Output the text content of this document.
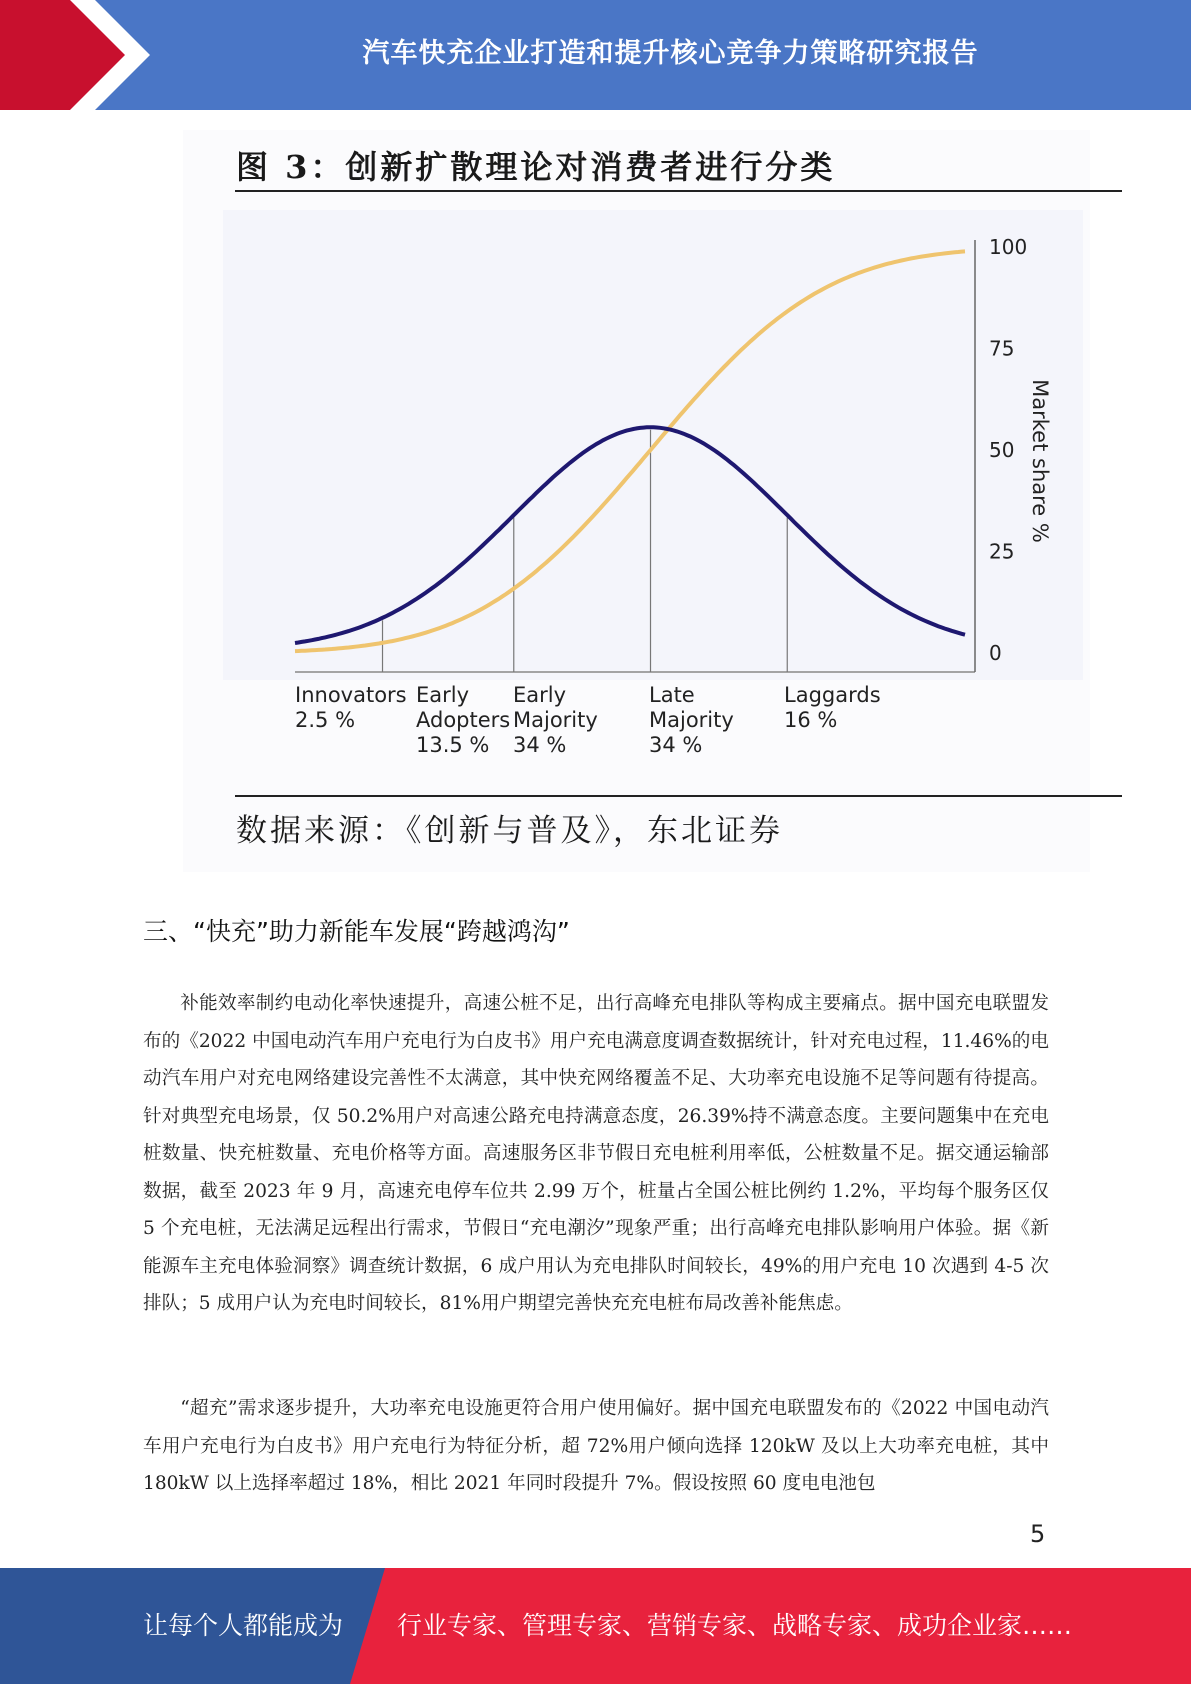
汽车快充企业打造和提升核心竞争力策略研究报告
图 3：创新扩散理论对消费者进行分类
0
25
50
75
100
Market share %
Innovators
2.5 %
Early
Adopters
13.5 %
Early
Majority
34 %
Late
Majority
34 %
Laggards
16 %
数据来源：《创新与普及》，东北证券
三、“快充”助力新能车发展“跨越鸿沟”

补能效率制约电动化率快速提升，高速公桩不足，出行高峰充电排队等构成主要痛点。据中国充电联盟发布的《2022 中国电动汽车用户充电行为白皮书》用户充电满意度调查数据统计，针对充电过程，11.46%的电动汽车用户对充电网络建设完善性不太满意，其中快充网络覆盖不足、大功率充电设施不足等问题有待提高。针对典型充电场景，仅 50.2%用户对高速公路充电持满意态度，26.39%持不满意态度。主要问题集中在充电桩数量、快充桩数量、充电价格等方面。高速服务区非节假日充电桩利用率低，公桩数量不足。据交通运输部数据，截至 2023 年 9 月，高速充电停车位共 2.99 万个，桩量占全国公桩比例约 1.2%，平均每个服务区仅 5 个充电桩，无法满足远程出行需求，节假日“充电潮汐”现象严重；出行高峰充电排队影响用户体验。据《新能源车主充电体验洞察》调查统计数据，6 成户用认为充电排队时间较长，49%的用户充电 10 次遇到 4-5 次排队；5 成用户认为充电时间较长，81%用户期望完善快充充电桩布局改善补能焦虑。

“超充”需求逐步提升，大功率充电设施更符合用户使用偏好。据中国充电联盟发布的《2022 中国电动汽车用户充电行为白皮书》用户充电行为特征分析，超 72%用户倾向选择 120kW 及以上大功率充电桩，其中 180kW 以上选择率超过 18%，相比 2021 年同时段提升 7%。假设按照 60 度电电池包

5
让每个人都能成为 行业专家、管理专家、营销专家、战略专家、成功企业家……
